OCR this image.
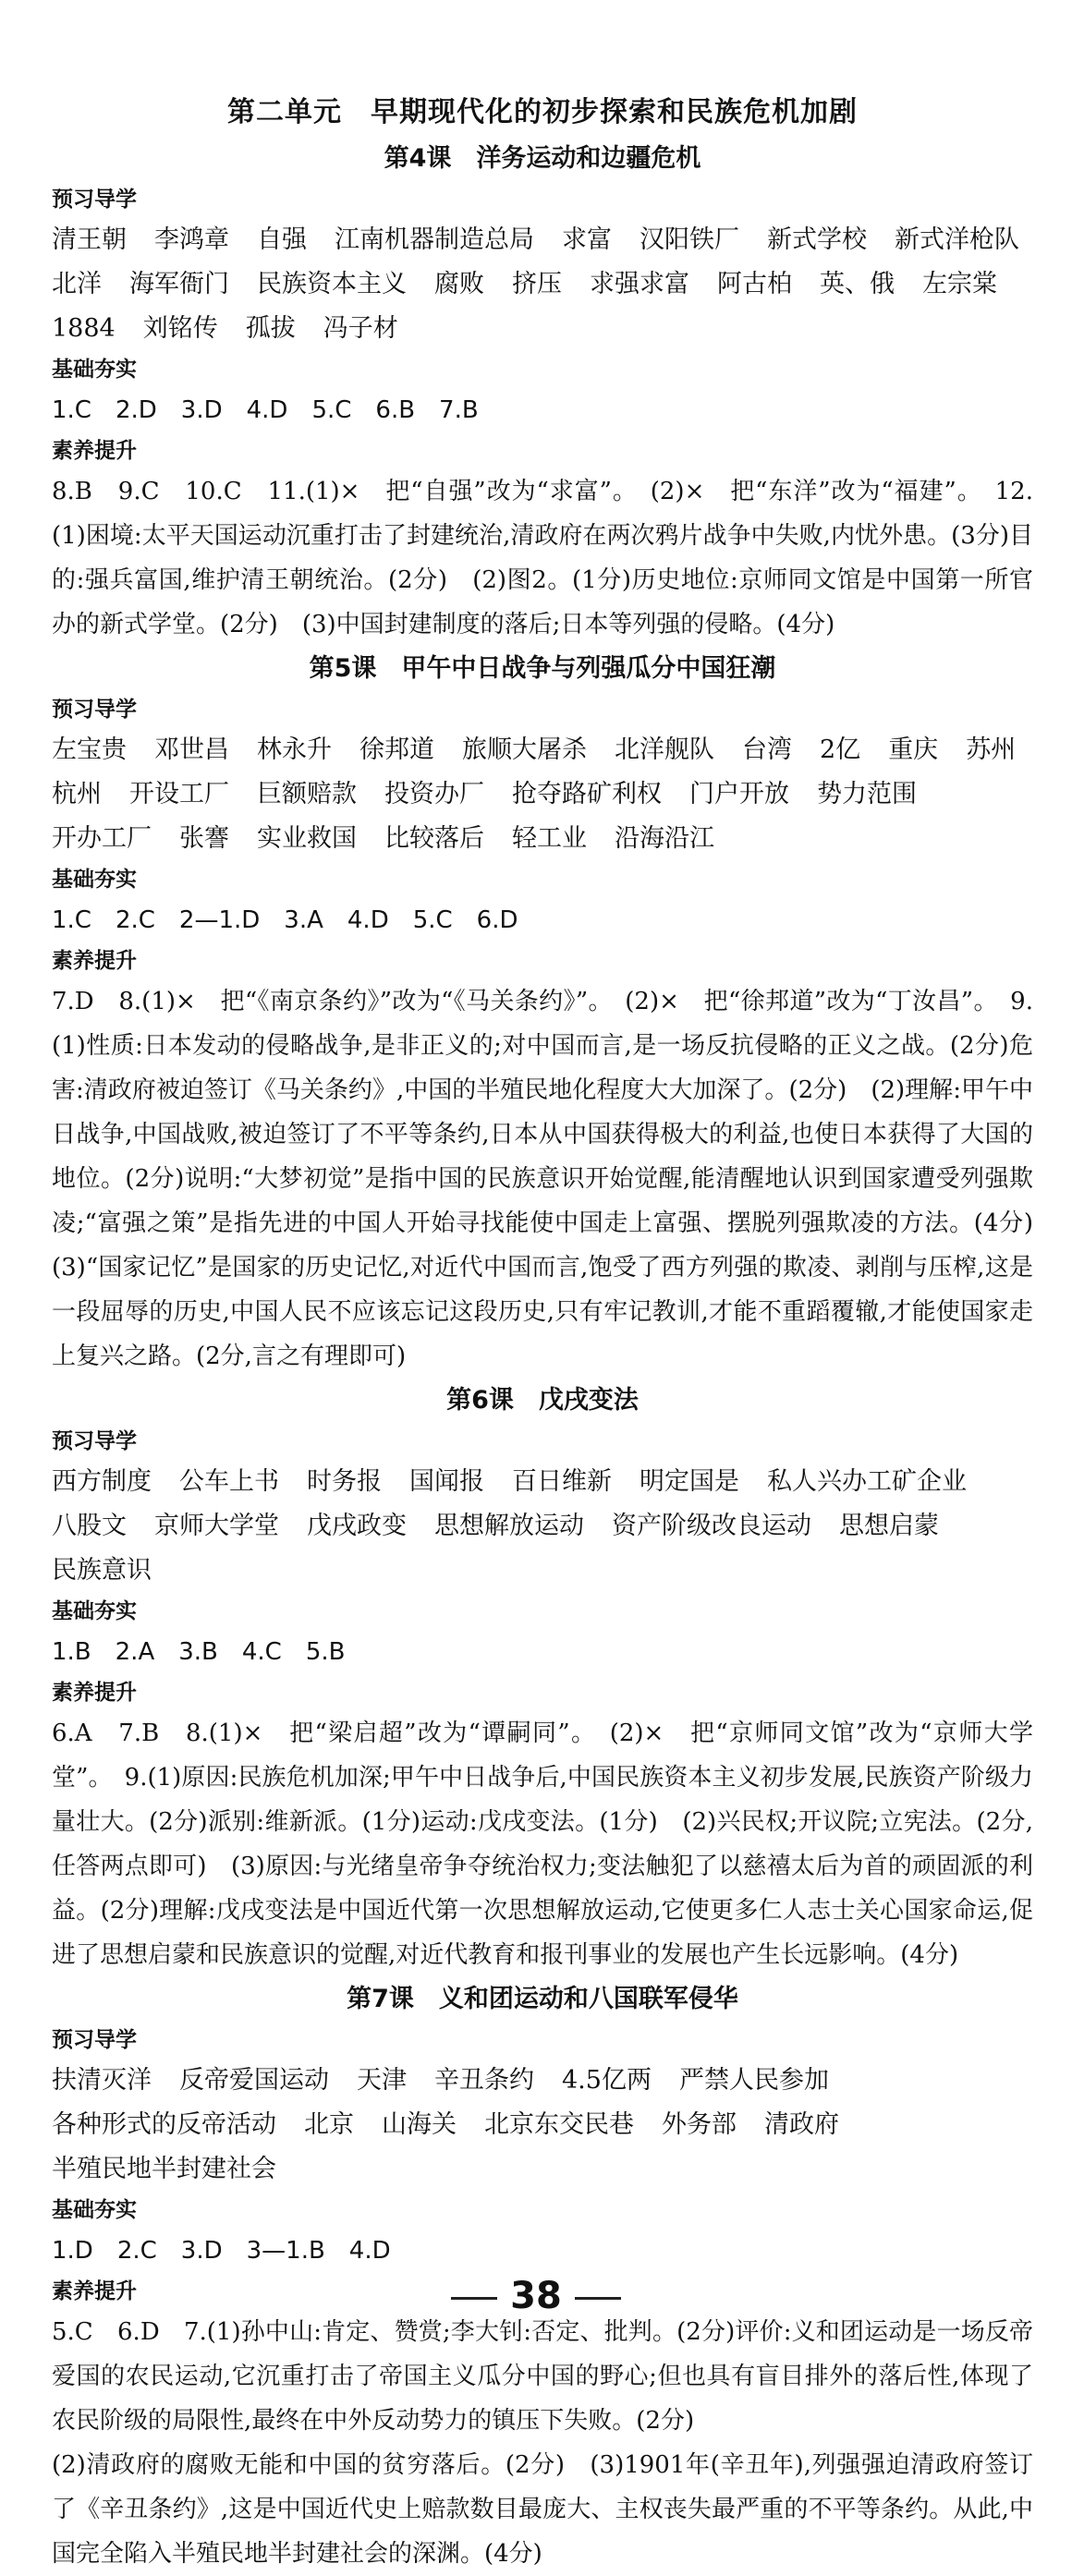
第二单元　早期现代化的初步探索和民族危机加剧
第4课　洋务运动和边疆危机
预习导学
清王朝 李鸿章 自强 江南机器制造总局 求富 汉阳铁厂 新式学校 新式洋枪队
北洋 海军衙门 民族资本主义 腐败 挤压 求强求富 阿古柏 英、俄 左宗棠
1884 刘铭传 孤拔 冯子材
基础夯实

1.C　2.D　3.D　4.D　5.C　6.B　7.B

素养提升

8.B　9.C　10.C　11.(1)×　把“自强”改为“求富”。　(2)×　把“东洋”改为“福建”。　12.(1)困境:太平天国运动沉重打击了封建统治,清政府在两次鸦片战争中失败,内忧外患。(3分)目的:强兵富国,维护清王朝统治。(2分)　(2)图2。(1分)历史地位:京师同文馆是中国第一所官办的新式学堂。(2分)　(3)中国封建制度的落后;日本等列强的侵略。(4分)

第5课　甲午中日战争与列强瓜分中国狂潮
预习导学
左宝贵 邓世昌 林永升 徐邦道 旅顺大屠杀 北洋舰队 台湾 2亿 重庆 苏州
杭州 开设工厂 巨额赔款 投资办厂 抢夺路矿利权 门户开放 势力范围
开办工厂 张謇 实业救国 比较落后 轻工业 沿海沿江
基础夯实

1.C　2.C　2—1.D　3.A　4.D　5.C　6.D

素养提升

7.D　8.(1)×　把“《南京条约》”改为“《马关条约》”。　(2)×　把“徐邦道”改为“丁汝昌”。　9.(1)性质:日本发动的侵略战争,是非正义的;对中国而言,是一场反抗侵略的正义之战。(2分)危害:清政府被迫签订《马关条约》,中国的半殖民地化程度大大加深了。(2分)　(2)理解:甲午中日战争,中国战败,被迫签订了不平等条约,日本从中国获得极大的利益,也使日本获得了大国的地位。(2分)说明:“大梦初觉”是指中国的民族意识开始觉醒,能清醒地认识到国家遭受列强欺凌;“富强之策”是指先进的中国人开始寻找能使中国走上富强、摆脱列强欺凌的方法。(4分)　(3)“国家记忆”是国家的历史记忆,对近代中国而言,饱受了西方列强的欺凌、剥削与压榨,这是一段屈辱的历史,中国人民不应该忘记这段历史,只有牢记教训,才能不重蹈覆辙,才能使国家走上复兴之路。(2分,言之有理即可)

第6课　戊戌变法
预习导学
西方制度 公车上书 时务报 国闻报 百日维新 明定国是 私人兴办工矿企业
八股文 京师大学堂 戊戌政变 思想解放运动 资产阶级改良运动 思想启蒙
民族意识
基础夯实

1.B　2.A　3.B　4.C　5.B

素养提升

6.A　7.B　8.(1)×　把“梁启超”改为“谭嗣同”。　(2)×　把“京师同文馆”改为“京师大学堂”。　9.(1)原因:民族危机加深;甲午中日战争后,中国民族资本主义初步发展,民族资产阶级力量壮大。(2分)派别:维新派。(1分)运动:戊戌变法。(1分)　(2)兴民权;开议院;立宪法。(2分,任答两点即可)　(3)原因:与光绪皇帝争夺统治权力;变法触犯了以慈禧太后为首的顽固派的利益。(2分)理解:戊戌变法是中国近代第一次思想解放运动,它使更多仁人志士关心国家命运,促进了思想启蒙和民族意识的觉醒,对近代教育和报刊事业的发展也产生长远影响。(4分)

第7课　义和团运动和八国联军侵华
预习导学
扶清灭洋 反帝爱国运动 天津 辛丑条约 4.5亿两 严禁人民参加
各种形式的反帝活动 北京 山海关 北京东交民巷 外务部 清政府
半殖民地半封建社会
基础夯实

1.D　2.C　3.D　3—1.B　4.D

素养提升

5.C　6.D　7.(1)孙中山:肯定、赞赏;李大钊:否定、批判。(2分)评价:义和团运动是一场反帝爱国的农民运动,它沉重打击了帝国主义瓜分中国的野心;但也具有盲目排外的落后性,体现了农民阶级的局限性,最终在中外反动势力的镇压下失败。(2分)

(2)清政府的腐败无能和中国的贫穷落后。(2分)　(3)1901年(辛丑年),列强强迫清政府签订了《辛丑条约》,这是中国近代史上赔款数目最庞大、主权丧失最严重的不平等条约。从此,中国完全陷入半殖民地半封建社会的深渊。(4分)

38
